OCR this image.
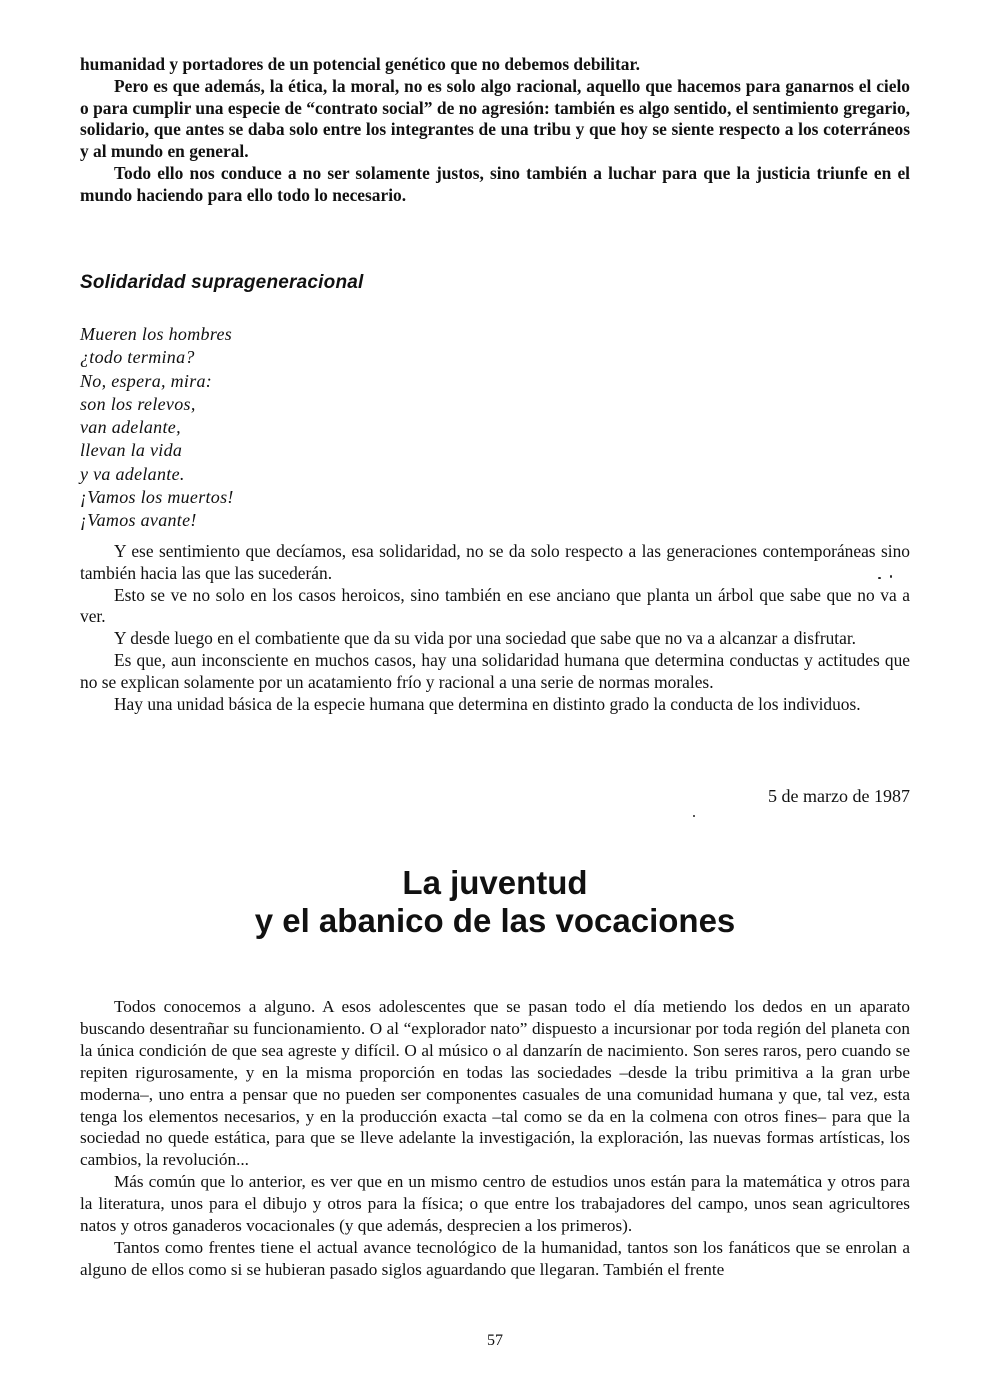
humanidad y portadores de un potencial genético que no debemos debilitar.

Pero es que además, la ética, la moral, no es solo algo racional, aquello que hacemos para ganarnos el cielo o para cumplir una especie de “contrato social” de no agresión: también es algo sentido, el sentimiento gregario, solidario, que antes se daba solo entre los integrantes de una tribu y que hoy se siente respecto a los coterráneos y al mundo en general.

Todo ello nos conduce a no ser solamente justos, sino también a luchar para que la justicia triunfe en el mundo haciendo para ello todo lo necesario.

Solidaridad suprageneracional

Mueren los hombres

¿todo termina?

No, espera, mira:

son los relevos,

van adelante,

llevan la vida

y va adelante.

¡Vamos los muertos!

¡Vamos avante!

Y ese sentimiento que decíamos, esa solidaridad, no se da solo respecto a las generaciones contemporáneas sino también hacia las que las sucederán.

Esto se ve no solo en los casos heroicos, sino también en ese anciano que planta un árbol que sabe que no va a ver.

Y desde luego en el combatiente que da su vida por una sociedad que sabe que no va a alcanzar a disfrutar.

Es que, aun inconsciente en muchos casos, hay una solidaridad humana que determina conductas y actitudes que no se explican solamente por un acatamiento frío y racional a una serie de normas morales.

Hay una unidad básica de la especie humana que determina en distinto grado la conducta de los individuos.

5 de marzo de 1987

La juventud
y el abanico de las vocaciones

Todos conocemos a alguno. A esos adolescentes que se pasan todo el día metiendo los dedos en un aparato buscando desentrañar su funcionamiento. O al “explorador nato” dispuesto a incursionar por toda región del planeta con la única condición de que sea agreste y difícil. O al músico o al danzarín de nacimiento. Son seres raros, pero cuando se repiten rigurosamente, y en la misma proporción en todas las sociedades –desde la tribu primitiva a la gran urbe moderna–, uno entra a pensar que no pueden ser componentes casuales de una comunidad humana y que, tal vez, esta tenga los elementos necesarios, y en la producción exacta –tal como se da en la colmena con otros fines– para que la sociedad no quede estática, para que se lleve adelante la investigación, la exploración, las nuevas formas artísticas, los cambios, la revolución...

Más común que lo anterior, es ver que en un mismo centro de estudios unos están para la matemática y otros para la literatura, unos para el dibujo y otros para la física; o que entre los trabajadores del campo, unos sean agricultores natos y otros ganaderos vocacionales (y que además, desprecien a los primeros).

Tantos como frentes tiene el actual avance tecnológico de la humanidad, tantos son los fanáticos que se enrolan a alguno de ellos como si se hubieran pasado siglos aguardando que llegaran. También el frente

57
